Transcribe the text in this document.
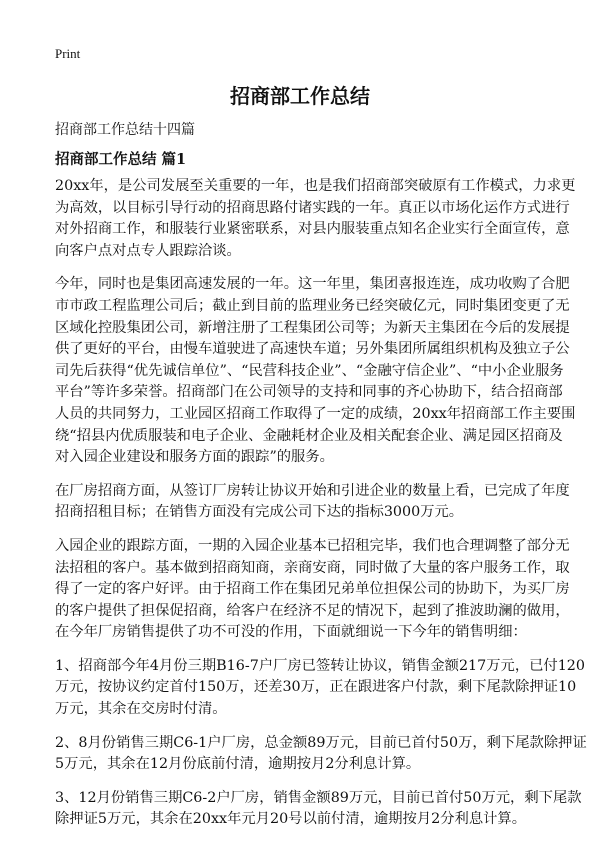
Print
招商部工作总结
招商部工作总结十四篇
招商部工作总结 篇1
20xx年，是公司发展至关重要的一年，也是我们招商部突破原有工作模式，力求更
为高效，以目标引导行动的招商思路付诸实践的一年。真正以市场化运作方式进行
对外招商工作，和服装行业紧密联系，对县内服装重点知名企业实行全面宣传，意
向客户点对点专人跟踪洽谈。
今年，同时也是集团高速发展的一年。这一年里，集团喜报连连，成功收购了合肥
市市政工程监理公司后；截止到目前的监理业务已经突破亿元，同时集团变更了无
区域化控股集团公司，新增注册了工程集团公司等；为新天主集团在今后的发展提
供了更好的平台，由慢车道驶进了高速快车道；另外集团所属组织机构及独立子公
司先后获得“优先诚信单位”、“民营科技企业”、“金融守信企业”、“中小企业服务
平台”等许多荣誉。招商部门在公司领导的支持和同事的齐心协助下，结合招商部
人员的共同努力，工业园区招商工作取得了一定的成绩，20xx年招商部工作主要围
绕“招县内优质服装和电子企业、金融耗材企业及相关配套企业、满足园区招商及
对入园企业建设和服务方面的跟踪”的服务。
在厂房招商方面，从签订厂房转让协议开始和引进企业的数量上看，已完成了年度
招商招租目标；在销售方面没有完成公司下达的指标3000万元。
入园企业的跟踪方面，一期的入园企业基本已招租完毕，我们也合理调整了部分无
法招租的客户。基本做到招商知商，亲商安商，同时做了大量的客户服务工作，取
得了一定的客户好评。由于招商工作在集团兄弟单位担保公司的协助下，为买厂房
的客户提供了担保促招商，给客户在经济不足的情况下，起到了推波助澜的做用，
在今年厂房销售提供了功不可没的作用，下面就细说一下今年的销售明细：
1、招商部今年4月份三期B16-7户厂房已签转让协议，销售金额217万元，已付120
万元，按协议约定首付150万，还差30万，正在跟进客户付款，剩下尾款除押证10
万元，其余在交房时付清。
2、8月份销售三期C6-1户厂房，总金额89万元，目前已首付50万，剩下尾款除押证
5万元，其余在12月份底前付清，逾期按月2分利息计算。
3、12月份销售三期C6-2户厂房，销售金额89万元，目前已首付50万元，剩下尾款
除押证5万元，其余在20xx年元月20号以前付清，逾期按月2分利息计算。
